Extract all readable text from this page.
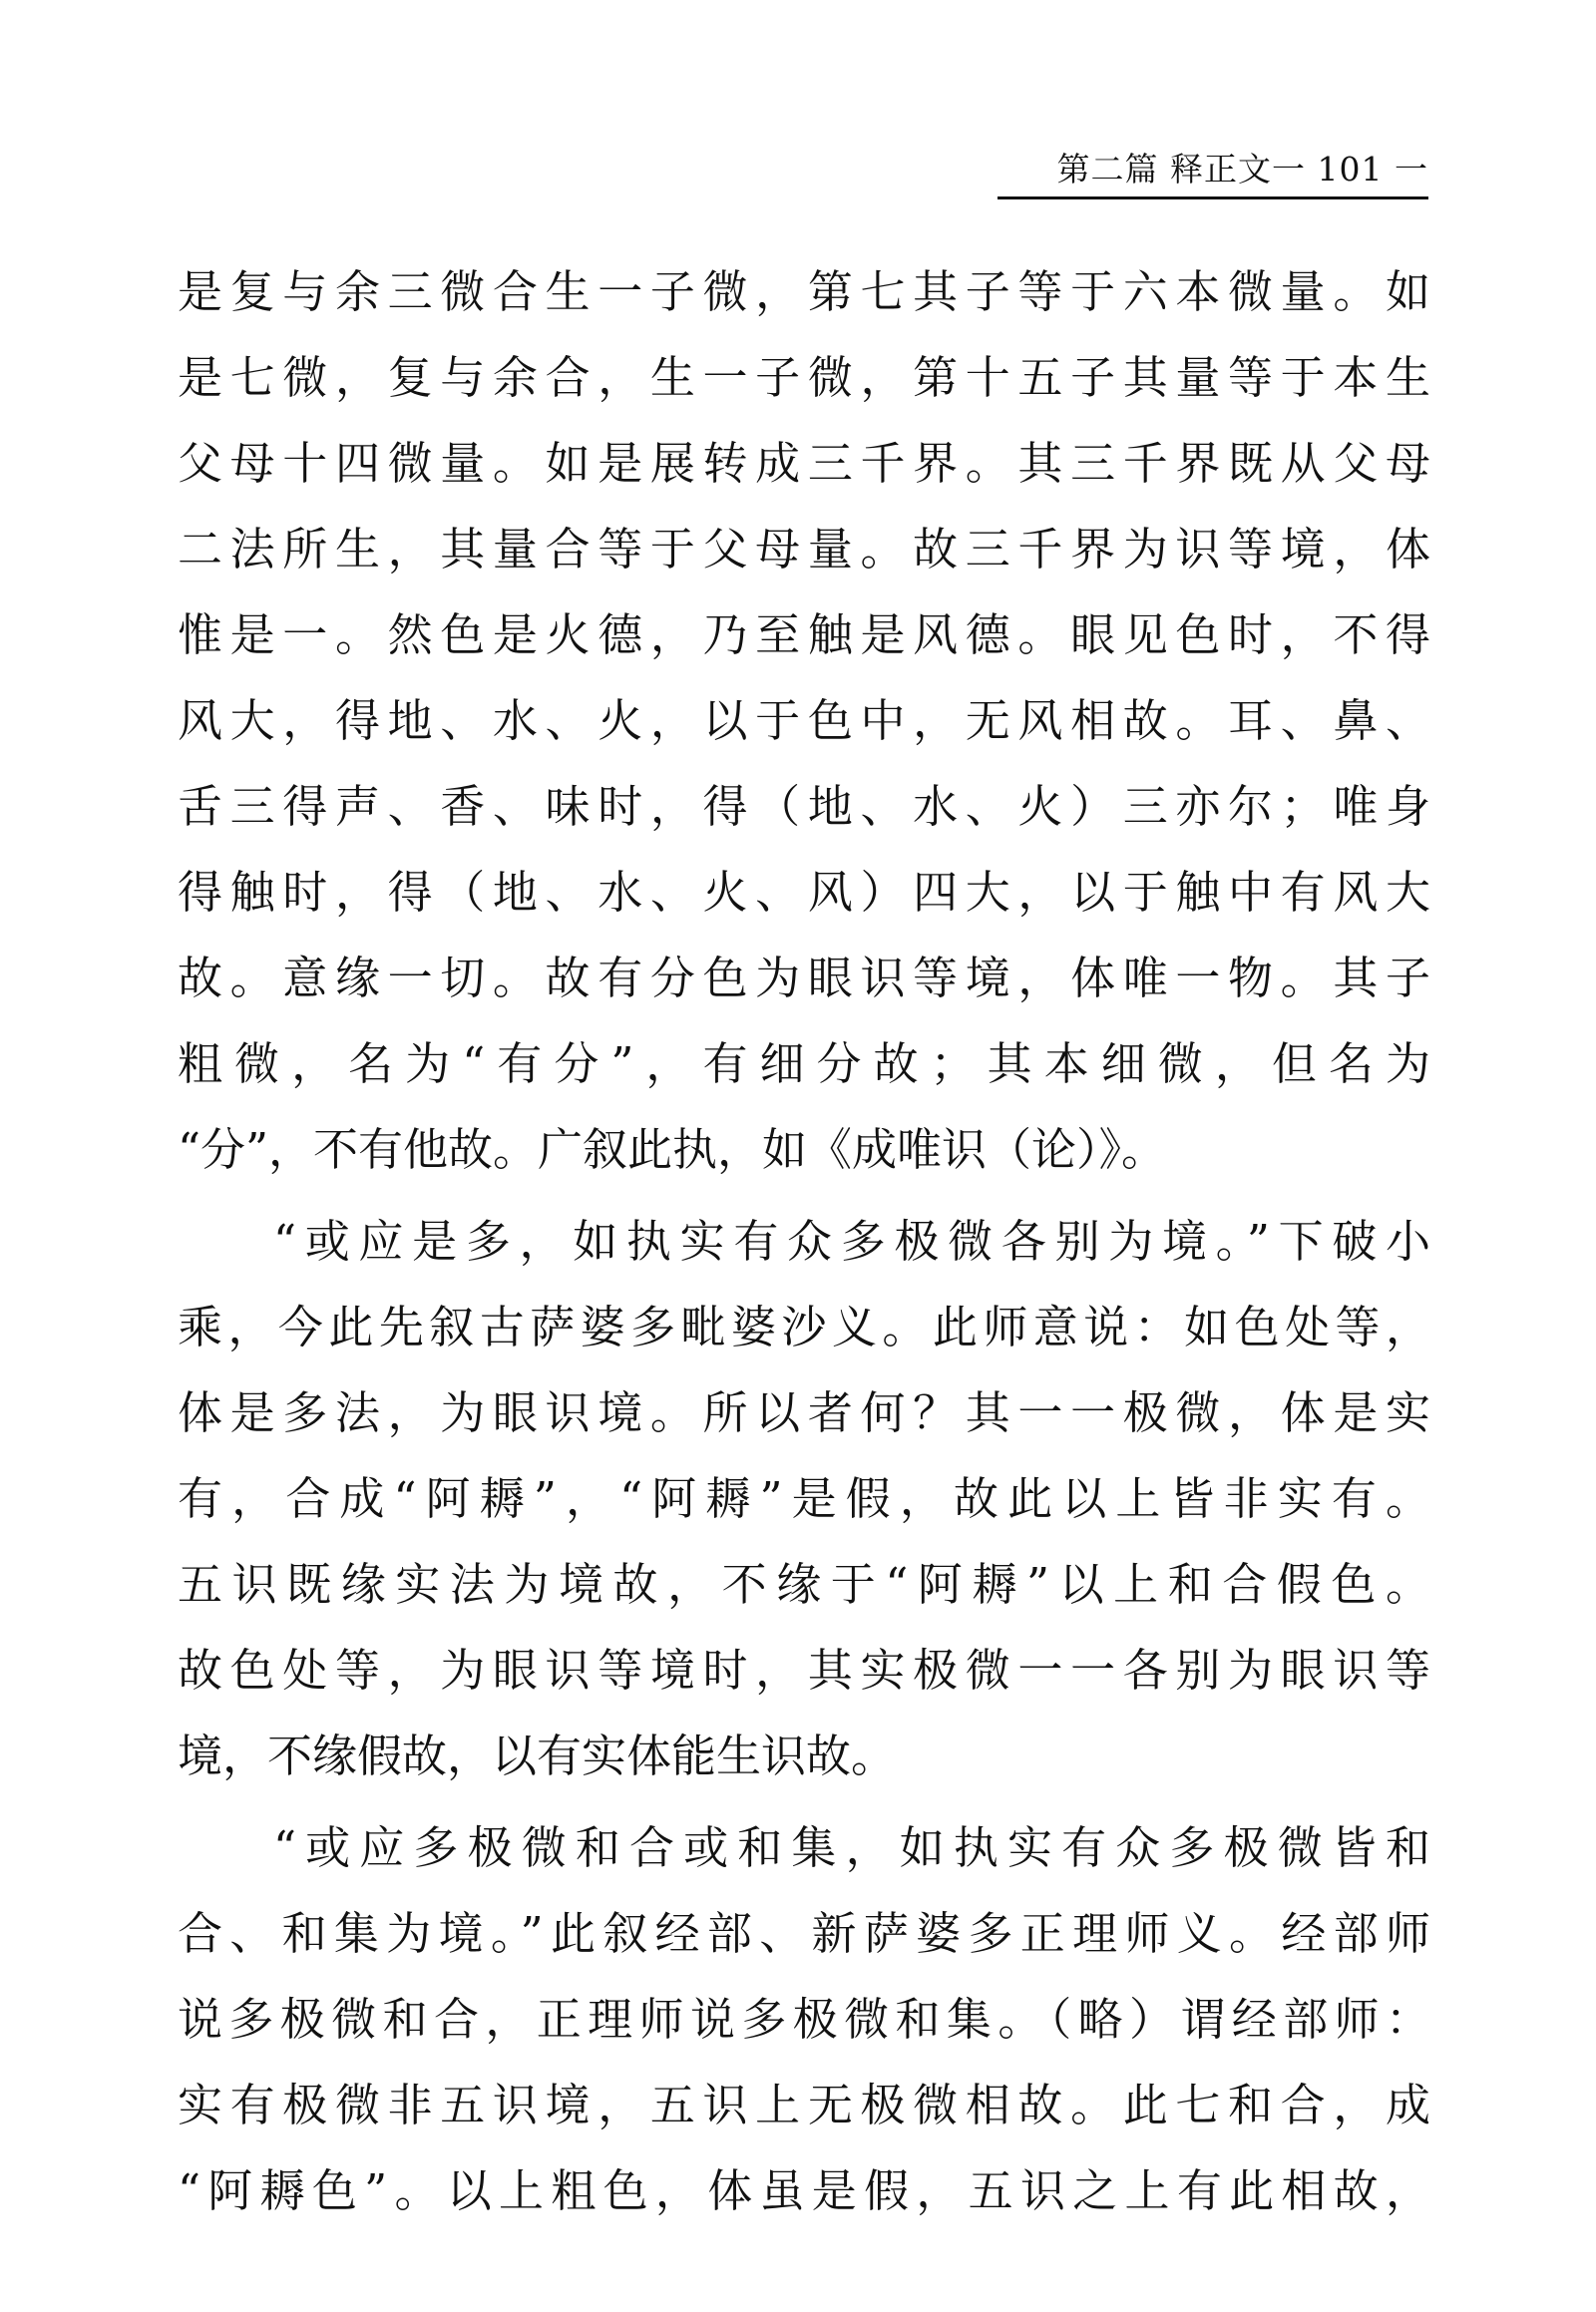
第二篇 释正文一 101 一
是复与余三微合生一子微，第七其子等于六本微量。如
是七微，复与余合，生一子微，第十五子其量等于本生
父母十四微量。如是展转成三千界。其三千界既从父母
二法所生，其量合等于父母量。故三千界为识等境，体
惟是一。然色是火德，乃至触是风德。眼见色时，不得
风大，得地、水、火，以于色中，无风相故。耳、鼻、
舌三得声、香、味时，得（地、水、火）三亦尔；唯身
得触时，得（地、水、火、风）四大，以于触中有风大
故。意缘一切。故有分色为眼识等境，体唯一物。其子
粗微，名为“有分”，有细分故；其本细微，但名为
“分”，不有他故。广叙此执，如《成唯识（论）》。
“或应是多，如执实有众多极微各别为境。”下破小
乘，今此先叙古萨婆多毗婆沙义。此师意说：如色处等，
体是多法，为眼识境。所以者何？其一一极微，体是实
有，合成“阿耨”，“阿耨”是假，故此以上皆非实有。
五识既缘实法为境故，不缘于“阿耨”以上和合假色。
故色处等，为眼识等境时，其实极微一一各别为眼识等
境，不缘假故，以有实体能生识故。
“或应多极微和合或和集，如执实有众多极微皆和
合、和集为境。”此叙经部、新萨婆多正理师义。经部师
说多极微和合，正理师说多极微和集。（略）谓经部师：
实有极微非五识境，五识上无极微相故。此七和合，成
“阿耨色”。以上粗色，体虽是假，五识之上有此相故，
